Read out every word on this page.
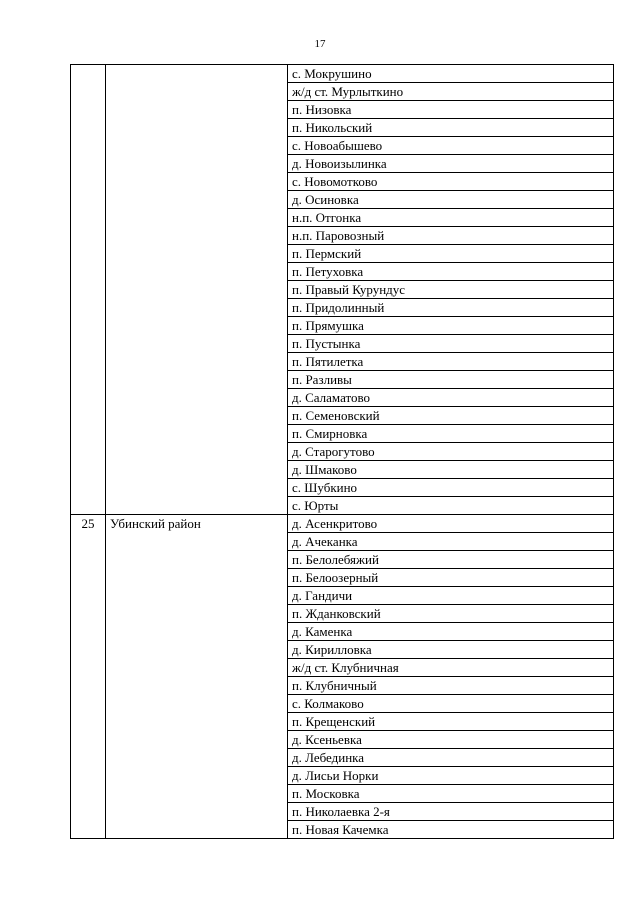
17
		с. Мокрушино
		ж/д ст. Мурлыткино
		п. Низовка
		п. Никольский
		с. Новоабышево
		д. Новоизылинка
		с. Новомотково
		д. Осиновка
		н.п. Отгонка
		н.п. Паровозный
		п. Пермский
		п. Петуховка
		п. Правый Курундус
		п. Придолинный
		п. Прямушка
		п. Пустынка
		п. Пятилетка
		п. Разливы
		д. Саламатово
		п. Семеновский
		п. Смирновка
		д. Старогутово
		д. Шмаково
		с. Шубкино
		с. Юрты
25	Убинский район	д. Асенкритово
		д. Ачеканка
		п. Белолебяжий
		п. Белоозерный
		д. Гандичи
		п. Жданковский
		д. Каменка
		д. Кирилловка
		ж/д ст. Клубничная
		п. Клубничный
		с. Колмаково
		п. Крещенский
		д. Ксеньевка
		д. Лебединка
		д. Лисьи Норки
		п. Московка
		п. Николаевка 2-я
		п. Новая Качемка
